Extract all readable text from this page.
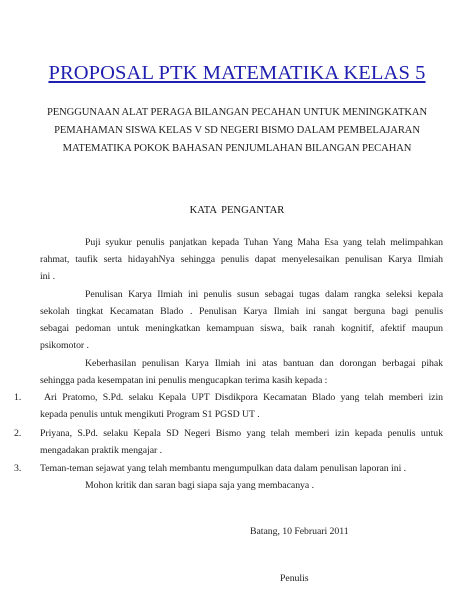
PROPOSAL PTK MATEMATIKA KELAS 5
PENGGUNAAN ALAT PERAGA BILANGAN PECAHAN UNTUK MENINGKATKAN
PEMAHAMAN SISWA KELAS V SD NEGERI BISMO DALAM PEMBELAJARAN
MATEMATIKA POKOK BAHASAN PENJUMLAHAN BILANGAN PECAHAN
KATA PENGANTAR
Puji syukur penulis panjatkan kepada Tuhan Yang Maha Esa yang telah melimpahkan
rahmat, taufik serta hidayahNya sehingga penulis dapat menyelesaikan penulisan Karya Ilmiah
ini .
Penulisan Karya Ilmiah ini penulis susun sebagai tugas dalam rangka seleksi kepala
sekolah tingkat Kecamatan Blado . Penulisan Karya Ilmiah ini sangat berguna bagi penulis
sebagai pedoman untuk meningkatkan kemampuan siswa, baik ranah kognitif, afektif maupun
psikomotor .
Keberhasilan penulisan Karya Ilmiah ini atas bantuan dan dorongan berbagai pihak
sehingga pada kesempatan ini penulis mengucapkan terima kasih kepada :
1. Ari Pratomo, S.Pd. selaku Kepala UPT Disdikpora Kecamatan Blado yang telah memberi izin
kepada penulis untuk mengikuti Program S1 PGSD UT .
2. Priyana, S.Pd. selaku Kepala SD Negeri Bismo yang telah memberi izin kepada penulis untuk
mengadakan praktik mengajar .
3. Teman-teman sejawat yang telah membantu mengumpulkan data dalam penulisan laporan ini .
Mohon kritik dan saran bagi siapa saja yang membacanya .
Batang, 10 Februari 2011
Penulis
